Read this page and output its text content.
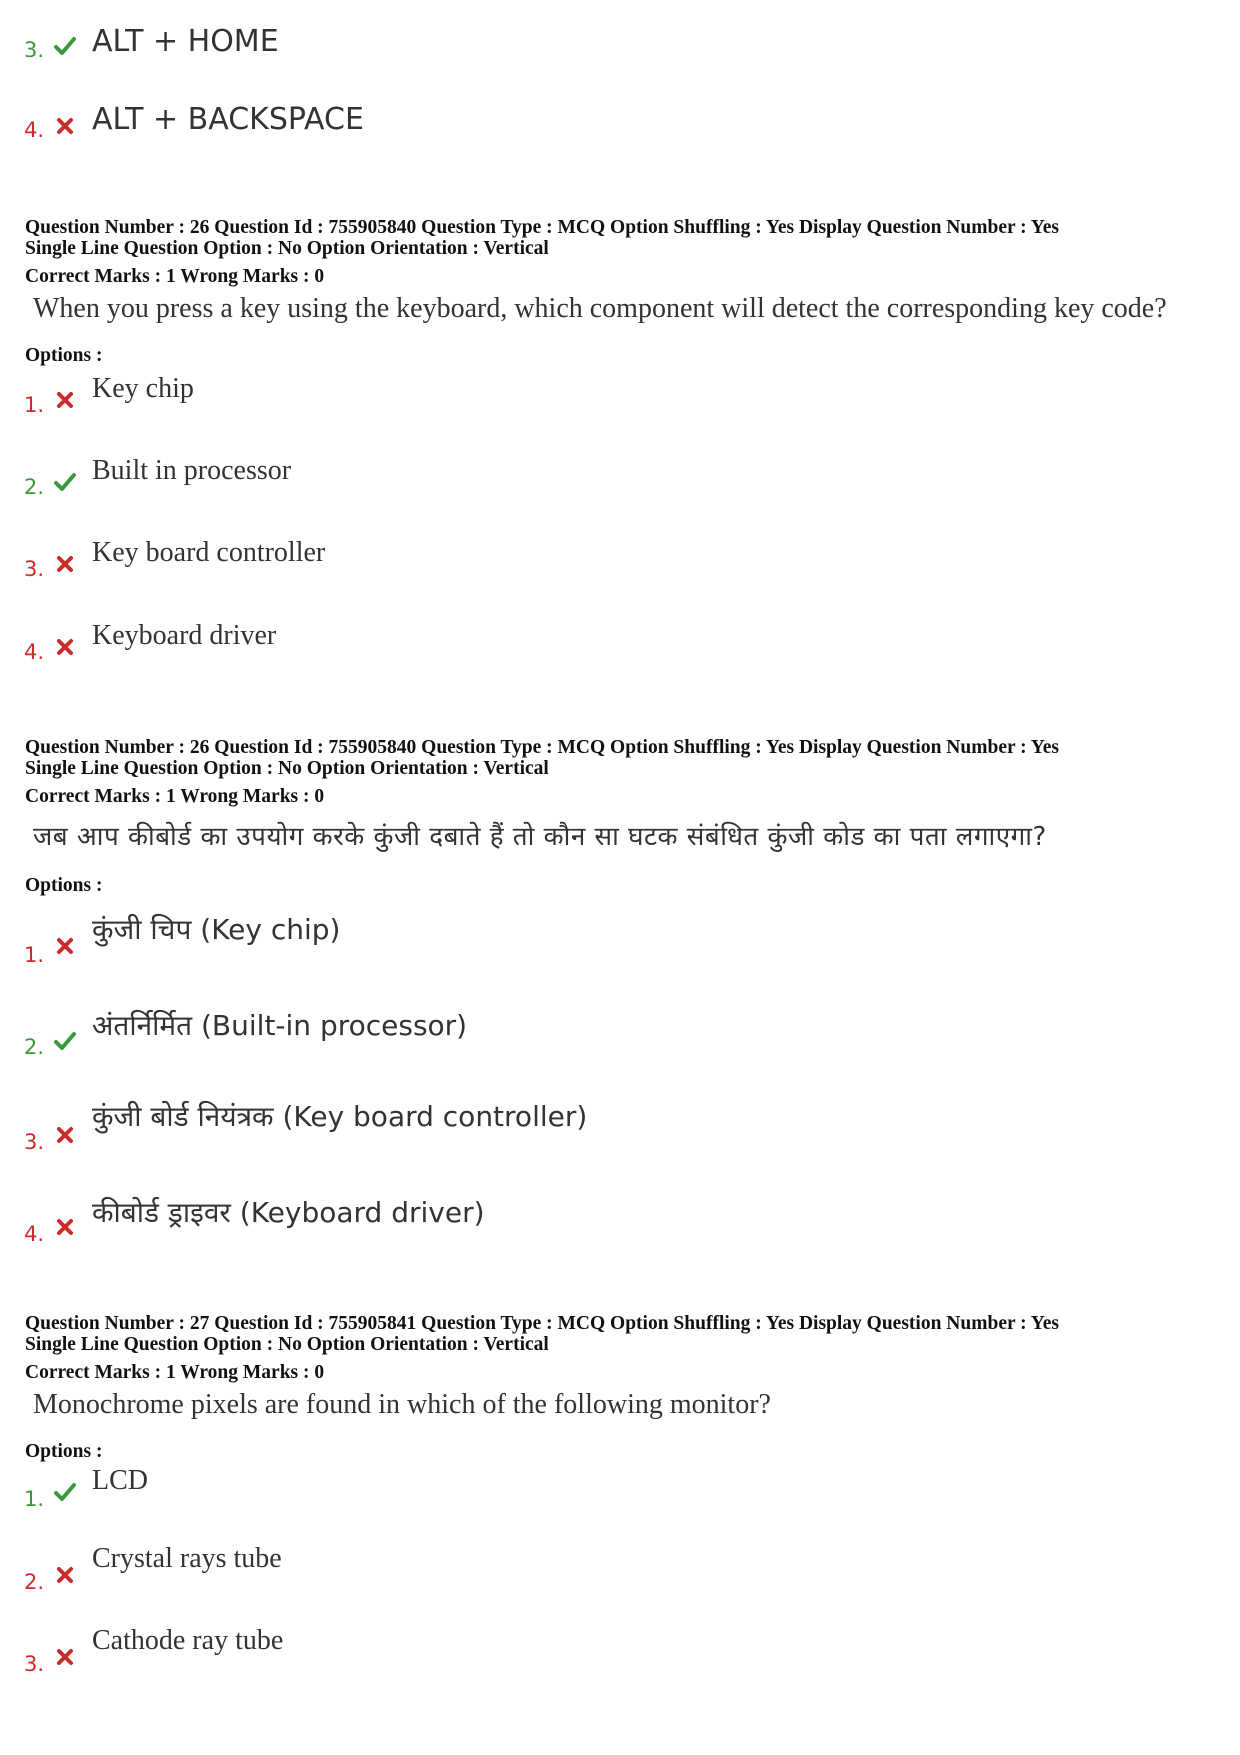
3. ALT + HOME
4. ALT + BACKSPACE
Question Number : 26 Question Id : 755905840 Question Type : MCQ Option Shuffling : Yes Display Question Number : Yes
Single Line Question Option : No Option Orientation : Vertical
Correct Marks : 1 Wrong Marks : 0
When you press a key using the keyboard, which component will detect the corresponding key code?
Options :
1.
Key chip
2.
Built in processor
3.
Key board controller
4.
Keyboard driver
Question Number : 26 Question Id : 755905840 Question Type : MCQ Option Shuffling : Yes Display Question Number : Yes
Single Line Question Option : No Option Orientation : Vertical
Correct Marks : 1 Wrong Marks : 0
जब आप कीबोर्ड का उपयोग करके कुंजी दबाते हैं तो कौन सा घटक संबंधित कुंजी कोड का पता लगाएगा?
Options :
1.
कुंजी चिप (Key chip)
2.
अंतर्निर्मित (Built-in processor)
3.
कुंजी बोर्ड नियंत्रक (Key board controller)
4.
कीबोर्ड ड्राइवर (Keyboard driver)
Question Number : 27 Question Id : 755905841 Question Type : MCQ Option Shuffling : Yes Display Question Number : Yes
Single Line Question Option : No Option Orientation : Vertical
Correct Marks : 1 Wrong Marks : 0
Monochrome pixels are found in which of the following monitor?
Options :
1.
LCD
2.
Crystal rays tube
3.
Cathode ray tube
